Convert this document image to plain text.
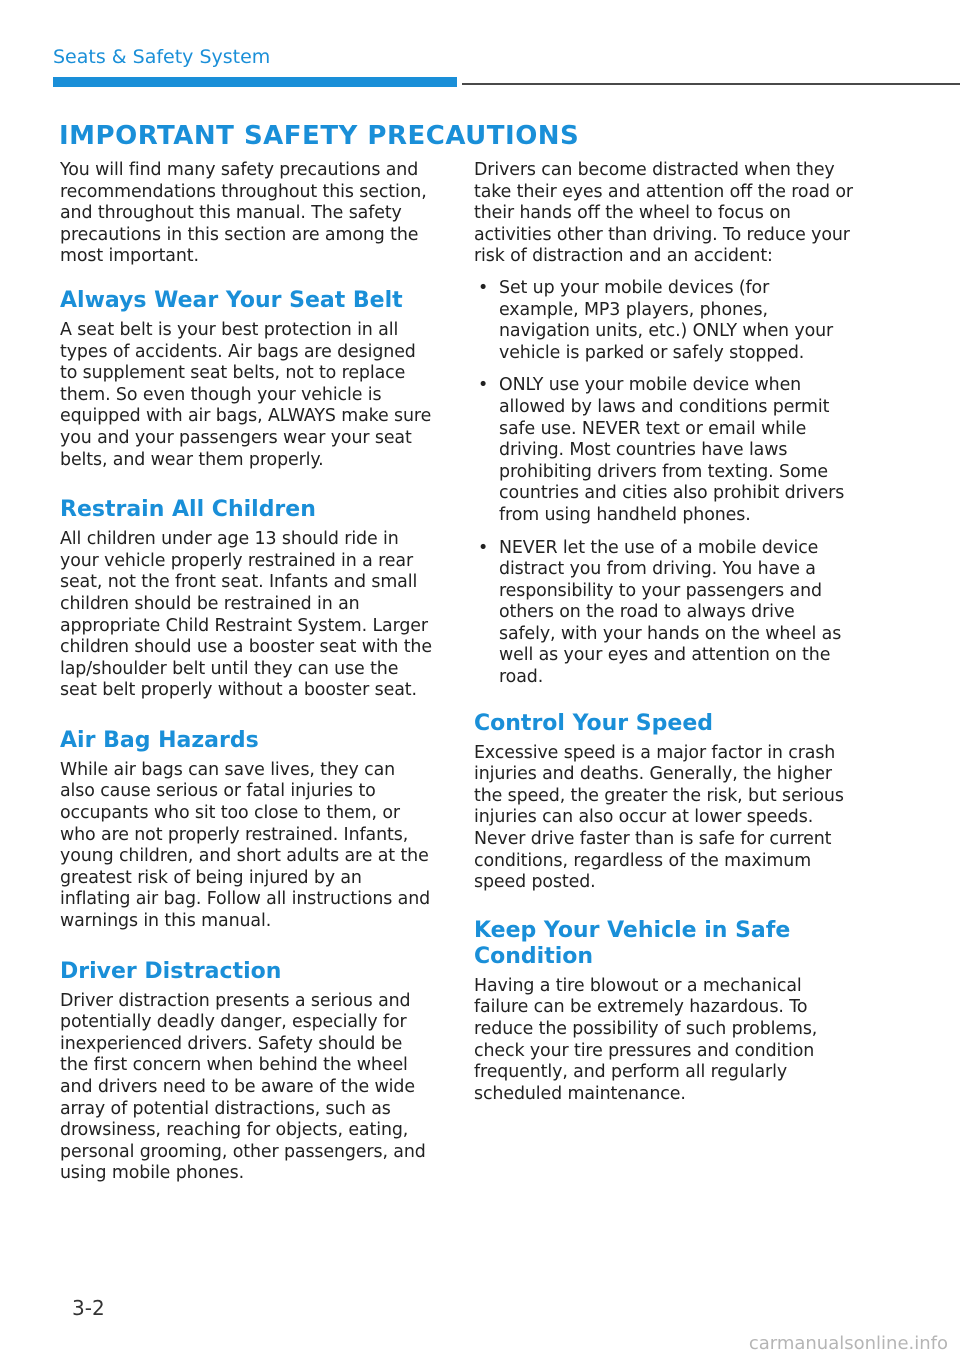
Seats & Safety System
IMPORTANT SAFETY PRECAUTIONS

You will find many safety precautions and recommendations throughout this section, and throughout this manual. The safety precautions in this section are among the most important.

Always Wear Your Seat Belt

A seat belt is your best protection in all types of accidents. Air bags are designed to supplement seat belts, not to replace them. So even though your vehicle is equipped with air bags, ALWAYS make sure you and your passengers wear your seat belts, and wear them properly.

Restrain All Children

All children under age 13 should ride in your vehicle properly restrained in a rear seat, not the front seat. Infants and small children should be restrained in an appropriate Child Restraint System. Larger children should use a booster seat with the lap/shoulder belt until they can use the seat belt properly without a booster seat.

Air Bag Hazards

While air bags can save lives, they can also cause serious or fatal injuries to occupants who sit too close to them, or who are not properly restrained. Infants, young children, and short adults are at the greatest risk of being injured by an inflating air bag. Follow all instructions and warnings in this manual.

Driver Distraction

Driver distraction presents a serious and potentially deadly danger, especially for inexperienced drivers. Safety should be the first concern when behind the wheel and drivers need to be aware of the wide array of potential distractions, such as drowsiness, reaching for objects, eating, personal grooming, other passengers, and using mobile phones.

Drivers can become distracted when they take their eyes and attention off the road or their hands off the wheel to focus on activities other than driving. To reduce your risk of distraction and an accident:

• Set up your mobile devices (for example, MP3 players, phones, navigation units, etc.) ONLY when your vehicle is parked or safely stopped.
• ONLY use your mobile device when allowed by laws and conditions permit safe use. NEVER text or email while driving. Most countries have laws prohibiting drivers from texting. Some countries and cities also prohibit drivers from using handheld phones.
• NEVER let the use of a mobile device distract you from driving. You have a responsibility to your passengers and others on the road to always drive safely, with your hands on the wheel as well as your eyes and attention on the road.
Control Your Speed

Excessive speed is a major factor in crash injuries and deaths. Generally, the higher the speed, the greater the risk, but serious injuries can also occur at lower speeds. Never drive faster than is safe for current conditions, regardless of the maximum speed posted.

Keep Your Vehicle in Safe Condition

Having a tire blowout or a mechanical failure can be extremely hazardous. To reduce the possibility of such problems, check your tire pressures and condition frequently, and perform all regularly scheduled maintenance.

3-2
carmanualsonline.info
